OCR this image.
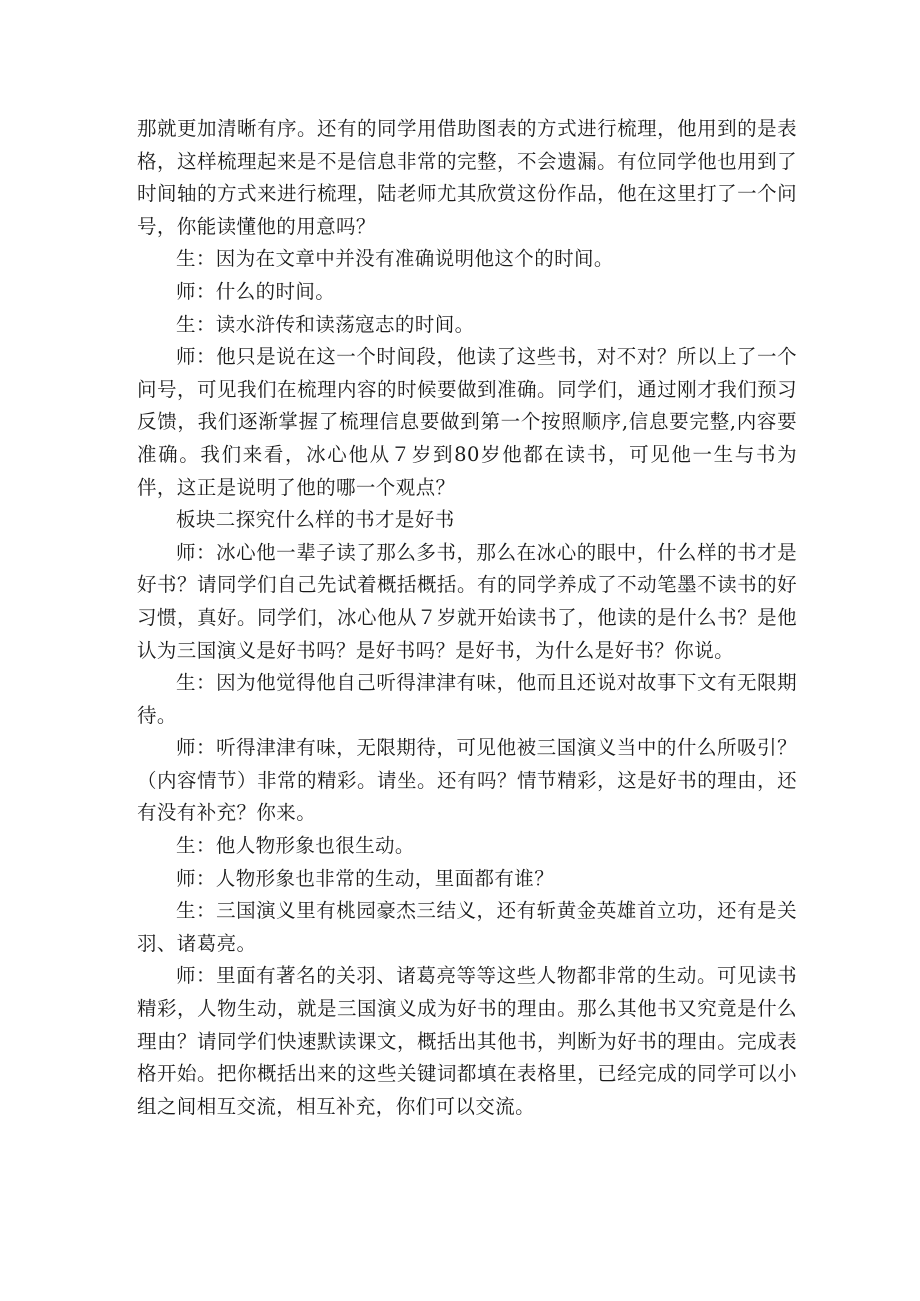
那就更加清晰有序。还有的同学用借助图表的方式进行梳理，他用到的是表格，这样梳理起来是不是信息非常的完整，不会遗漏。有位同学他也用到了时间轴的方式来进行梳理，陆老师尤其欣赏这份作品，他在这里打了一个问号，你能读懂他的用意吗？

生：因为在文章中并没有准确说明他这个的时间。

师：什么的时间。

生：读水浒传和读荡寇志的时间。

师：他只是说在这一个时间段，他读了这些书，对不对？所以上了一个问号，可见我们在梳理内容的时候要做到准确。同学们，通过刚才我们预习反馈，我们逐渐掌握了梳理信息要做到第一个按照顺序,信息要完整,内容要准确。我们来看，冰心他从７岁到80岁他都在读书，可见他一生与书为伴，这正是说明了他的哪一个观点？

板块二探究什么样的书才是好书

师：冰心他一辈子读了那么多书，那么在冰心的眼中，什么样的书才是好书？请同学们自己先试着概括概括。有的同学养成了不动笔墨不读书的好习惯，真好。同学们，冰心他从７岁就开始读书了，他读的是什么书？是他认为三国演义是好书吗？是好书吗？是好书，为什么是好书？你说。

生：因为他觉得他自己听得津津有味，他而且还说对故事下文有无限期待。

师：听得津津有味，无限期待，可见他被三国演义当中的什么所吸引？（内容情节）非常的精彩。请坐。还有吗？情节精彩，这是好书的理由，还有没有补充？你来。

生：他人物形象也很生动。

师：人物形象也非常的生动，里面都有谁？

生：三国演义里有桃园豪杰三结义，还有斩黄金英雄首立功，还有是关羽、诸葛亮。

师：里面有著名的关羽、诸葛亮等等这些人物都非常的生动。可见读书精彩，人物生动，就是三国演义成为好书的理由。那么其他书又究竟是什么理由？请同学们快速默读课文，概括出其他书，判断为好书的理由。完成表格开始。把你概括出来的这些关键词都填在表格里，已经完成的同学可以小组之间相互交流，相互补充，你们可以交流。
